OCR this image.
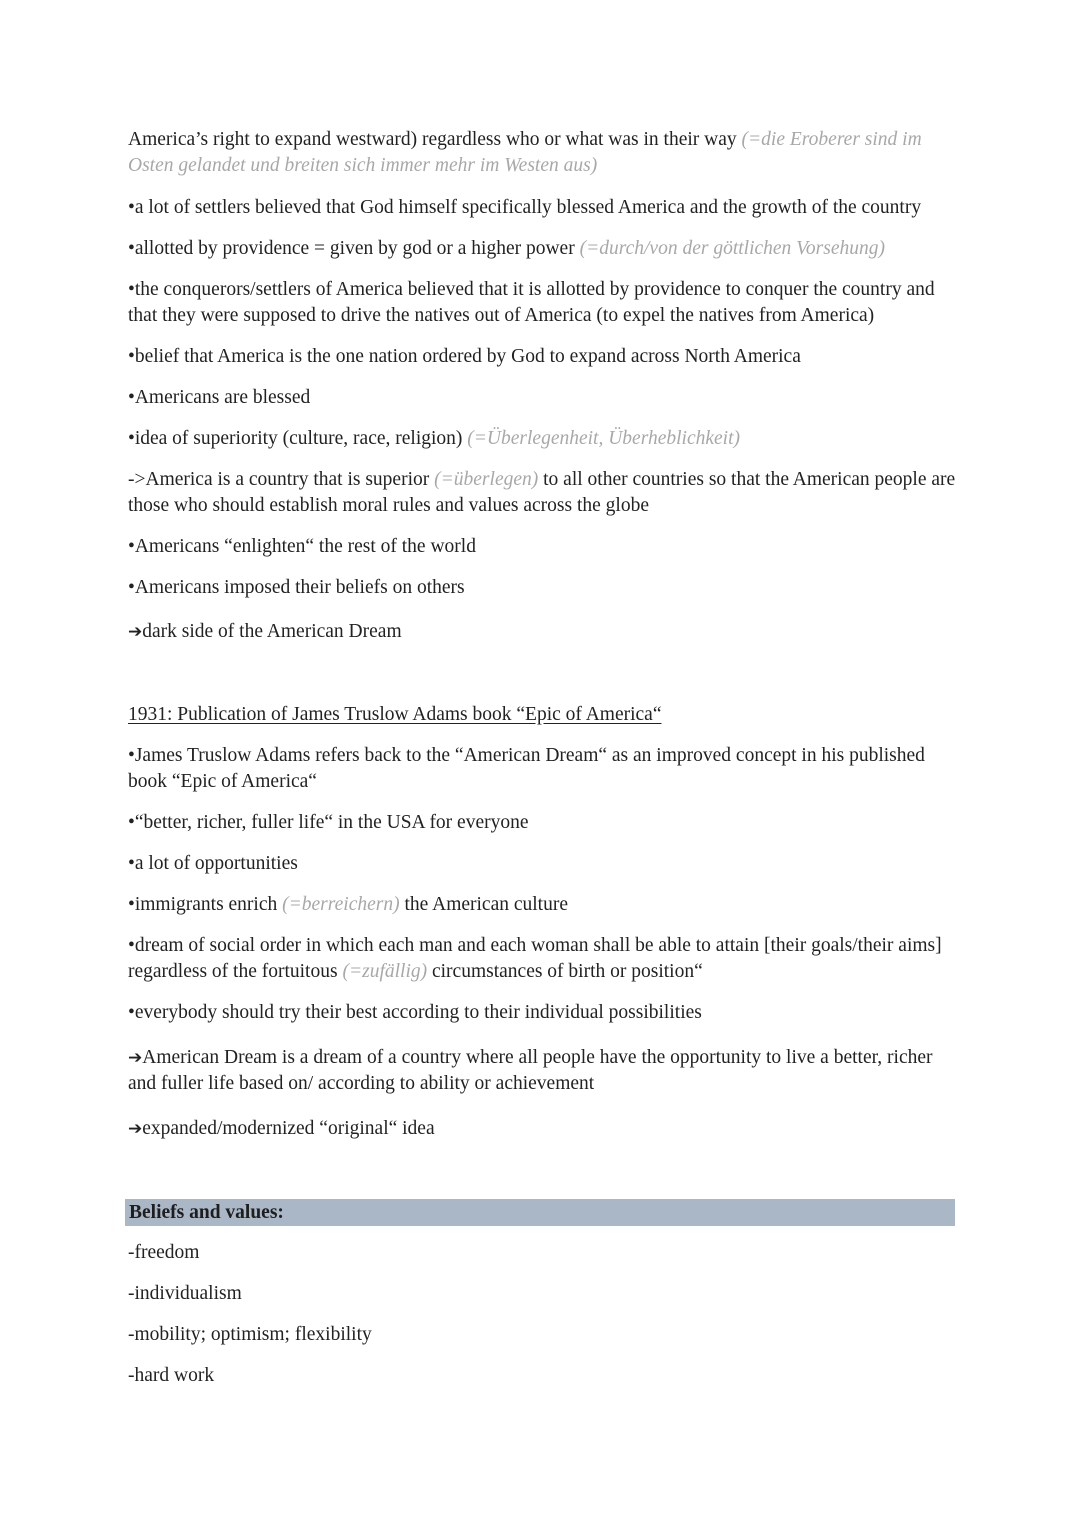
America’s right to expand westward) regardless who or what was in their way (=die Eroberer sind im Osten gelandet und breiten sich immer mehr im Westen aus)

•a lot of settlers believed that God himself specifically blessed America and the growth of the country

•allotted by providence = given by god or a higher power (=durch/von der göttlichen Vorsehung)

•the conquerors/settlers of America believed that it is allotted by providence to conquer the country and that they were supposed to drive the natives out of America (to expel the natives from America)

•belief that America is the one nation ordered by God to expand across North America

•Americans are blessed

•idea of superiority (culture, race, religion) (=Überlegenheit, Überheblichkeit)

->America is a country that is superior (=überlegen) to all other countries so that the American people are those who should establish moral rules and values across the globe

•Americans “enlighten“ the rest of the world

•Americans imposed their beliefs on others

➔dark side of the American Dream

1931: Publication of James Truslow Adams book “Epic of America“

•James Truslow Adams refers back to the “American Dream“ as an improved concept in his published book “Epic of America“

•“better, richer, fuller life“ in the USA for everyone

•a lot of opportunities

•immigrants enrich (=berreichern) the American culture

•dream of social order in which each man and each woman shall be able to attain [their goals/their aims] regardless of the fortuitous (=zufällig) circumstances of birth or position“

•everybody should try their best according to their individual possibilities

➔American Dream is a dream of a country where all people have the opportunity to live a better, richer and fuller life based on/ according to ability or achievement

➔expanded/modernized “original“ idea

Beliefs and values:

-freedom

-individualism

-mobility; optimism; flexibility

-hard work
